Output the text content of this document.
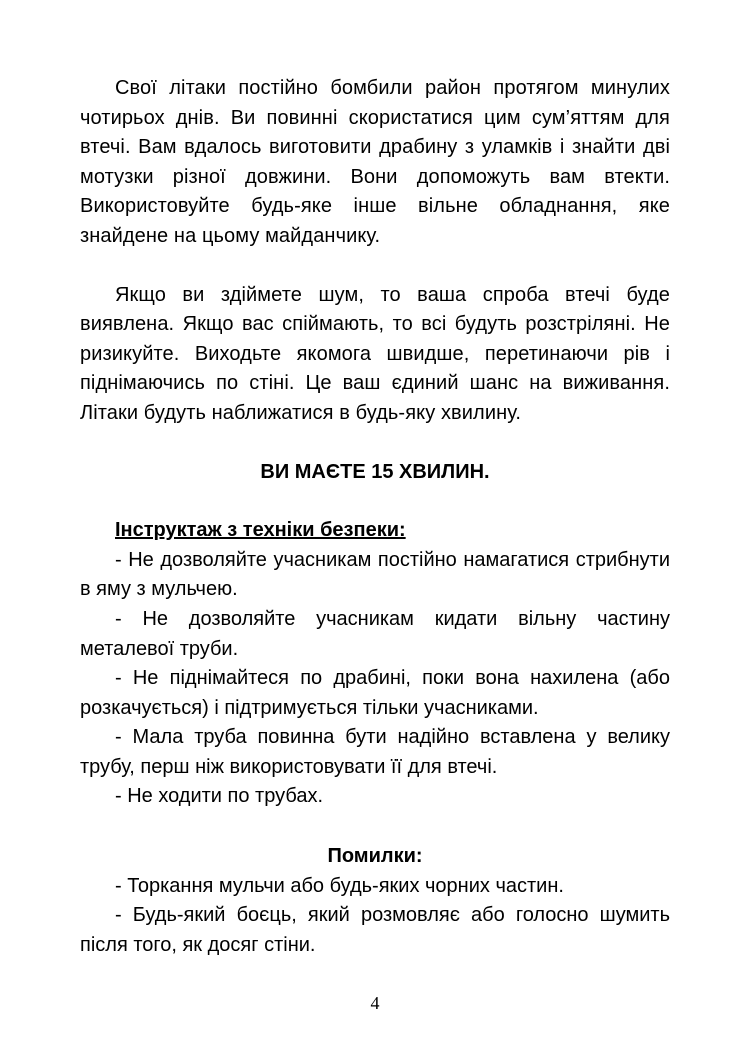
Свої літаки постійно бомбили район протягом минулих чотирьох днів. Ви повинні скористатися цим сум’яттям для втечі. Вам вдалось виготовити драбину з уламків і знайти дві мотузки різної довжини. Вони допоможуть вам втекти. Використовуйте будь-яке інше вільне обладнання, яке знайдене на цьому майданчику.

Якщо ви здіймете шум, то ваша спроба втечі буде виявлена. Якщо вас спіймають, то всі будуть розстріляні. Не ризикуйте. Виходьте якомога швидше, перетинаючи рів і піднімаючись по стіні. Це ваш єдиний шанс на виживання. Літаки будуть наближатися в будь-яку хвилину.

ВИ МАЄТЕ 15 ХВИЛИН.

Інструктаж з техніки безпеки:

- Не дозволяйте учасникам постійно намагатися стрибнути в яму з мульчею.
- Не дозволяйте учасникам кидати вільну частину металевої труби.
- Не піднімайтеся по драбині, поки вона нахилена (або розкачується) і підтримується тільки учасниками.
- Мала труба повинна бути надійно вставлена у велику трубу, перш ніж використовувати її для втечі.
- Не ходити по трубах.

Помилки:

- Торкання мульчи або будь-яких чорних частин.
- Будь-який боєць, який розмовляє або голосно шумить після того, як досяг стіни.
4
